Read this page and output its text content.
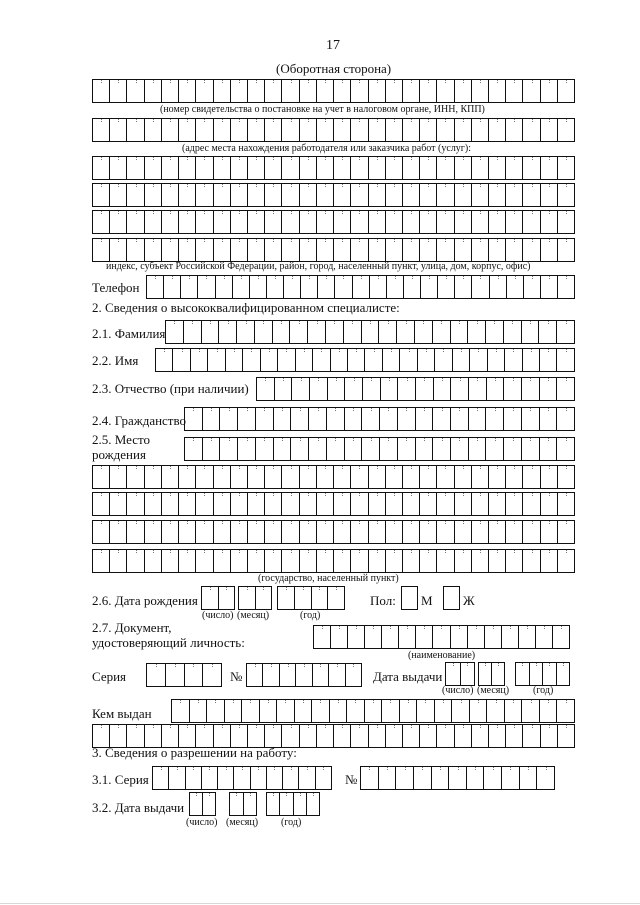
17
(Оборотная сторона)
(номер свидетельства о постановке на учет в налоговом органе, ИНН, КПП)
(адрес места нахождения работодателя или заказчика работ (услуг):
индекс, субъект Российской Федерации, район, город, населенный пункт, улица, дом, корпус, офис)
Телефон
2. Сведения о высококвалифицированном специалисте:
2.1. Фамилия
2.2. Имя
2.3. Отчество (при наличии)
2.4. Гражданство
2.5. Место
рождения
(государство, населенный пункт)
2.6. Дата рождения
(число) (месяц)	(год)
Пол: М Ж
2.7. Документ,
удостоверяющий личность:
(наименование)
Серия	№	Дата выдачи
(число) (месяц) (год)
Кем выдан
3. Сведения о разрешении на работу:
3.1. Серия	№
3.2. Дата выдачи
(число) (месяц) (год)
